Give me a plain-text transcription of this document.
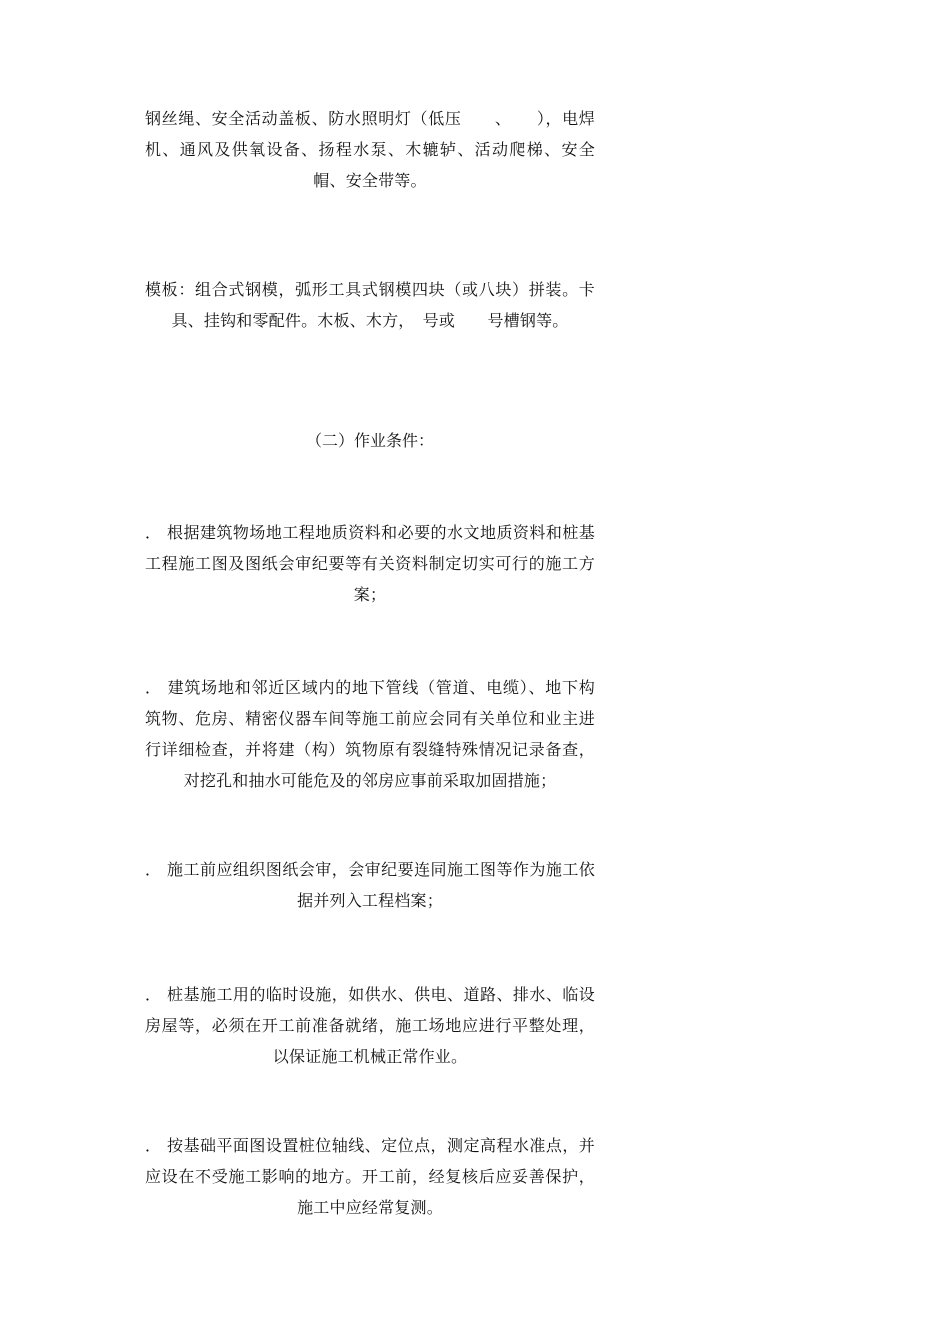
钢丝绳、安全活动盖板、防水照明灯（低压　　、　　），电焊机、通风及供氧设备、扬程水泵、木辘轳、活动爬梯、安全帽、安全带等。

模板：组合式钢模，弧形工具式钢模四块（或八块）拼装。卡具、挂钩和零配件。木板、木方，　号或　　号槽钢等。

（二）作业条件：

． 根据建筑物场地工程地质资料和必要的水文地质资料和桩基工程施工图及图纸会审纪要等有关资料制定切实可行的施工方案；

． 建筑场地和邻近区域内的地下管线（管道、电缆）、地下构筑物、危房、精密仪器车间等施工前应会同有关单位和业主进行详细检查，并将建（构）筑物原有裂缝特殊情况记录备查，对挖孔和抽水可能危及的邻房应事前采取加固措施；

． 施工前应组织图纸会审，会审纪要连同施工图等作为施工依据并列入工程档案；

． 桩基施工用的临时设施，如供水、供电、道路、排水、临设房屋等，必须在开工前准备就绪，施工场地应进行平整处理，以保证施工机械正常作业。

． 按基础平面图设置桩位轴线、定位点，测定高程水准点，并应设在不受施工影响的地方。开工前，经复核后应妥善保护，施工中应经常复测。
